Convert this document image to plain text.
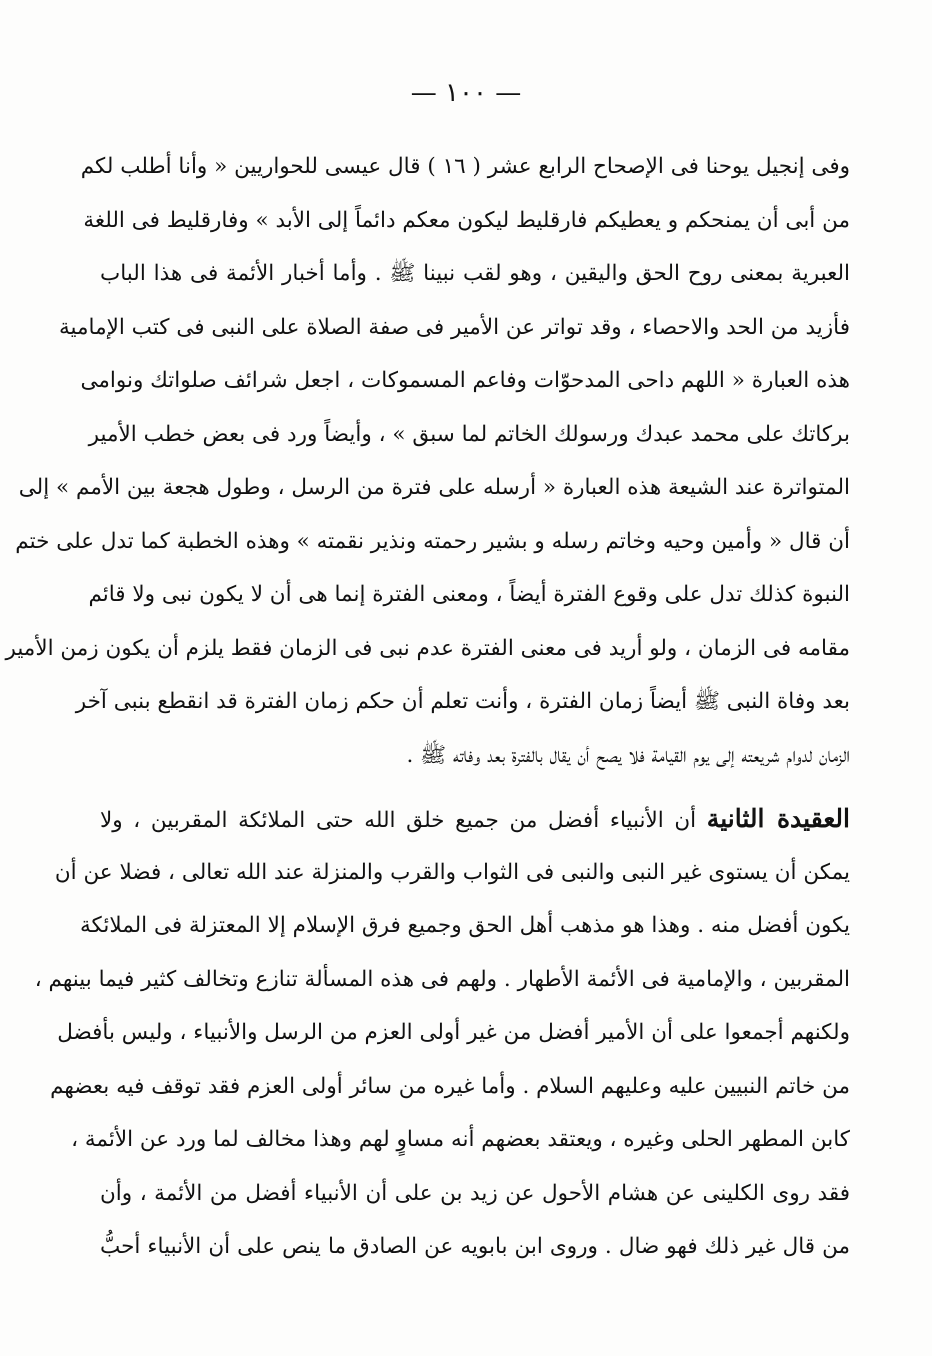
— ١٠٠ —
وفى إنجيل يوحنا فى الإصحاح الرابع عشر ( ١٦ ) قال عيسى للحواريين « وأنا أطلب لكم
من أبى أن يمنحكم و يعطيكم فارقليط ليكون معكم دائماً إلى الأبد » وفارقليط فى اللغة
العبرية بمعنى روح الحق واليقين ، وهو لقب نبينا ﷺ . وأما أخبار الأئمة فى هذا الباب
فأزيد من الحد والاحصاء ، وقد تواتر عن الأمير فى صفة الصلاة على النبى فى كتب الإمامية
هذه العبارة « اللهم داحى المدحوّات وفاعم المسموكات ، اجعل شرائف صلواتك ونوامى
بركاتك على محمد عبدك ورسولك الخاتم لما سبق » ، وأيضاً ورد فى بعض خطب الأمير
المتواترة عند الشيعة هذه العبارة « أرسله على فترة من الرسل ، وطول هجعة بين الأمم » إلى
أن قال « وأمين وحيه وخاتم رسله و بشير رحمته ونذير نقمته » وهذه الخطبة كما تدل على ختم
النبوة كذلك تدل على وقوع الفترة أيضاً ، ومعنى الفترة إنما هى أن لا يكون نبى ولا قائم
مقامه فى الزمان ، ولو أريد فى معنى الفترة عدم نبى فى الزمان فقط يلزم أن يكون زمن الأمير
بعد وفاة النبى ﷺ أيضاً زمان الفترة ، وأنت تعلم أن حكم زمان الفترة قد انقطع بنبى آخر
الزمان لدوام شريعته إلى يوم القيامة فلا يصح أن يقال بالفترة بعد وفاته ﷺ .
العقيدة الثانية أن الأنبياء أفضل من جميع خلق الله حتى الملائكة المقربين ، ولا
يمكن أن يستوى غير النبى والنبى فى الثواب والقرب والمنزلة عند الله تعالى ، فضلا عن أن
يكون أفضل منه . وهذا هو مذهب أهل الحق وجميع فرق الإسلام إلا المعتزلة فى الملائكة
المقربين ، والإمامية فى الأئمة الأطهار . ولهم فى هذه المسألة تنازع وتخالف كثير فيما بينهم ،
ولكنهم أجمعوا على أن الأمير أفضل من غير أولى العزم من الرسل والأنبياء ، وليس بأفضل
من خاتم النبيين عليه وعليهم السلام . وأما غيره من سائر أولى العزم فقد توقف فيه بعضهم
كابن المطهر الحلى وغيره ، ويعتقد بعضهم أنه مساوٍ لهم وهذا مخالف لما ورد عن الأئمة ،
فقد روى الكلينى عن هشام الأحول عن زيد بن على أن الأنبياء أفضل من الأئمة ، وأن
من قال غير ذلك فهو ضال . وروى ابن بابويه عن الصادق ما ينص على أن الأنبياء أحبُّ
